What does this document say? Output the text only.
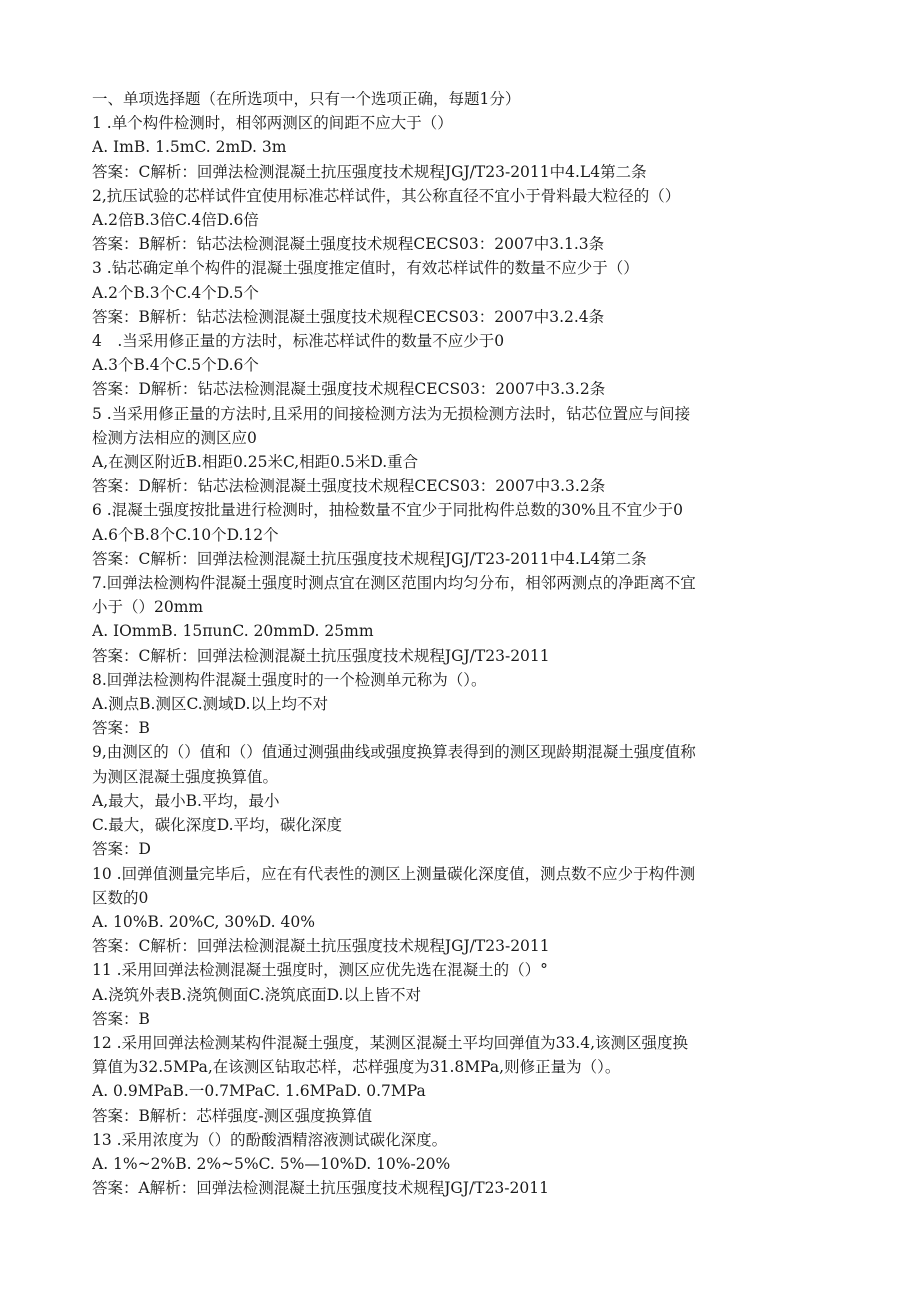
一、单项选择题（在所选项中，只有一个选项正确，每题1分）
1 .单个构件检测时，相邻两测区的间距不应大于（）
A. ImB. 1.5mC. 2mD. 3m
答案：C解析：回弹法检测混凝土抗压强度技术规程JGJ/T23-2011中4.L4第二条
2,抗压试验的芯样试件宜使用标准芯样试件，其公称直径不宜小于骨料最大粒径的（）
A.2倍B.3倍C.4倍D.6倍
答案：B解析：钻芯法检测混凝土强度技术规程CECS03：2007中3.1.3条
3 .钻芯确定单个构件的混凝土强度推定值时，有效芯样试件的数量不应少于（）
A.2个B.3个C.4个D.5个
答案：B解析：钻芯法检测混凝土强度技术规程CECS03：2007中3.2.4条
4　.当采用修正量的方法时，标准芯样试件的数量不应少于0
A.3个B.4个C.5个D.6个
答案：D解析：钻芯法检测混凝土强度技术规程CECS03：2007中3.3.2条
5 .当采用修正量的方法时,且采用的间接检测方法为无损检测方法时，钻芯位置应与间接
检测方法相应的测区应0
A,在测区附近B.相距0.25米C,相距0.5米D.重合
答案：D解析：钻芯法检测混凝土强度技术规程CECS03：2007中3.3.2条
6 .混凝土强度按批量进行检测时，抽检数量不宜少于同批构件总数的30%且不宜少于0
A.6个B.8个C.10个D.12个
答案：C解析：回弹法检测混凝土抗压强度技术规程JGJ/T23-2011中4.L4第二条
7.回弹法检测构件混凝土强度时测点宜在测区范围内均匀分布，相邻两测点的净距离不宜
小于（）20mm
A. IOmmB. 15πunC. 20mmD. 25mm
答案：C解析：回弹法检测混凝土抗压强度技术规程JGJ/T23-2011
8.回弹法检测构件混凝土强度时的一个检测单元称为（）。
A.测点B.测区C.测域D.以上均不对
答案：B
9,由测区的（）值和（）值通过测强曲线或强度换算表得到的测区现龄期混凝土强度值称
为测区混凝土强度换算值。
A,最大，最小B.平均，最小
C.最大，碳化深度D.平均，碳化深度
答案：D
10 .回弹值测量完毕后，应在有代表性的测区上测量碳化深度值，测点数不应少于构件测
区数的0
A. 10%B. 20%C, 30%D. 40%
答案：C解析：回弹法检测混凝土抗压强度技术规程JGJ/T23-2011
11 .采用回弹法检测混凝土强度时，测区应优先选在混凝土的（）°
A.浇筑外表B.浇筑侧面C.浇筑底面D.以上皆不对
答案：B
12 .采用回弹法检测某构件混凝土强度，某测区混凝土平均回弹值为33.4,该测区强度换
算值为32.5MPa,在该测区钻取芯样，芯样强度为31.8MPa,则修正量为（）。
A. 0.9MPaB.一0.7MPaC. 1.6MPaD. 0.7MPa
答案：B解析：芯样强度-测区强度换算值
13 .采用浓度为（）的酚酸酒精溶液测试碳化深度。
A. 1%~2%B. 2%~5%C. 5%—10%D. 10%-20%
答案：A解析：回弹法检测混凝土抗压强度技术规程JGJ/T23-2011
